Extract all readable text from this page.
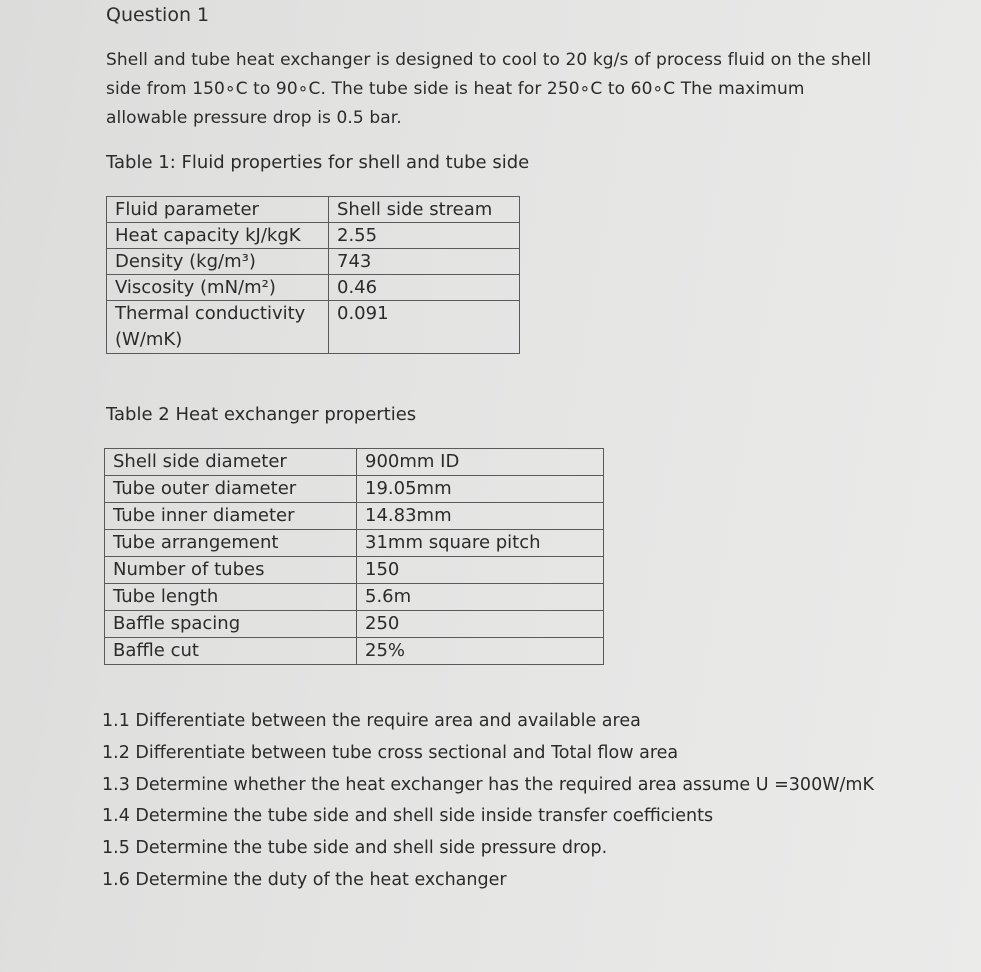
Question 1
Shell and tube heat exchanger is designed to cool to 20 kg/s of process fluid on the shell
side from 150∘C to 90∘C. The tube side is heat for 250∘C to 60∘C The maximum
allowable pressure drop is 0.5 bar.
Table 1: Fluid properties for shell and tube side
Fluid parameter	Shell side stream
Heat capacity kJ/kgK	2.55
Density (kg/m³)	743
Viscosity (mN/m²)	0.46
Thermal conductivity (W/mK)	0.091
Table 2 Heat exchanger properties
Shell side diameter	900mm ID
Tube outer diameter	19.05mm
Tube inner diameter	14.83mm
Tube arrangement	31mm square pitch
Number of tubes	150
Tube length	5.6m
Baffle spacing	250
Baffle cut	25%
1.1 Differentiate between the require area and available area
1.2 Differentiate between tube cross sectional and Total flow area
1.3 Determine whether the heat exchanger has the required area assume U =300W/mK
1.4 Determine the tube side and shell side inside transfer coefficients
1.5 Determine the tube side and shell side pressure drop.
1.6 Determine the duty of the heat exchanger
